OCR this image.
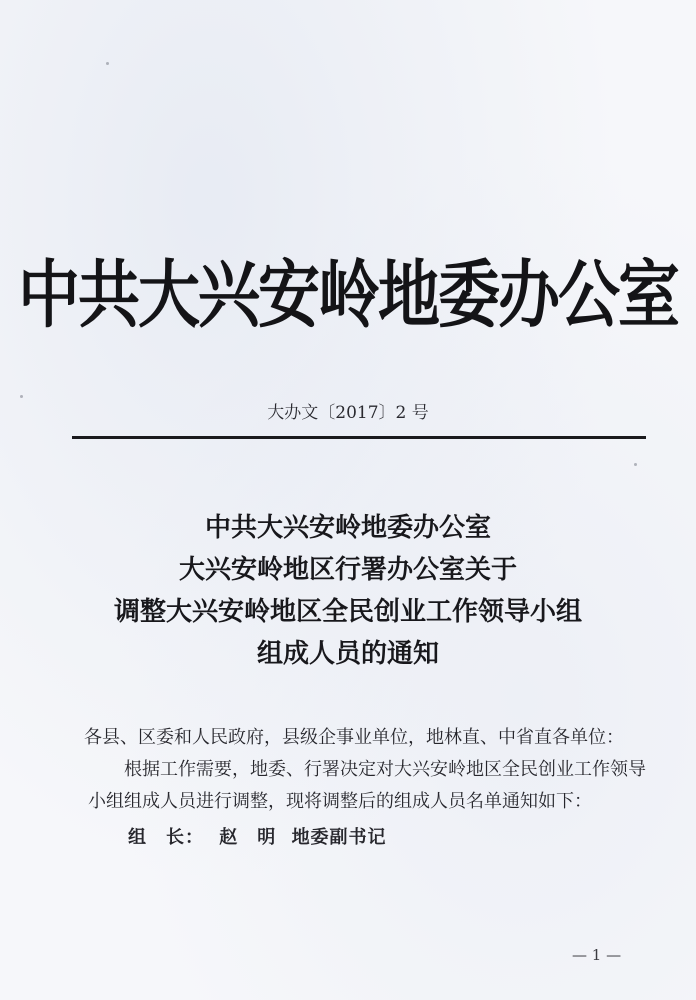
中共大兴安岭地委办公室
大办文〔2017〕2 号
中共大兴安岭地委办公室
大兴安岭地区行署办公室关于
调整大兴安岭地区全民创业工作领导小组
组成人员的通知

各县、区委和人民政府，县级企事业单位，地林直、中省直各单位：

根据工作需要，地委、行署决定对大兴安岭地区全民创业工作领导小组组成人员进行调整，现将调整后的组成人员名单通知如下：

组　长： 赵　明 地委副书记

— 1 —
